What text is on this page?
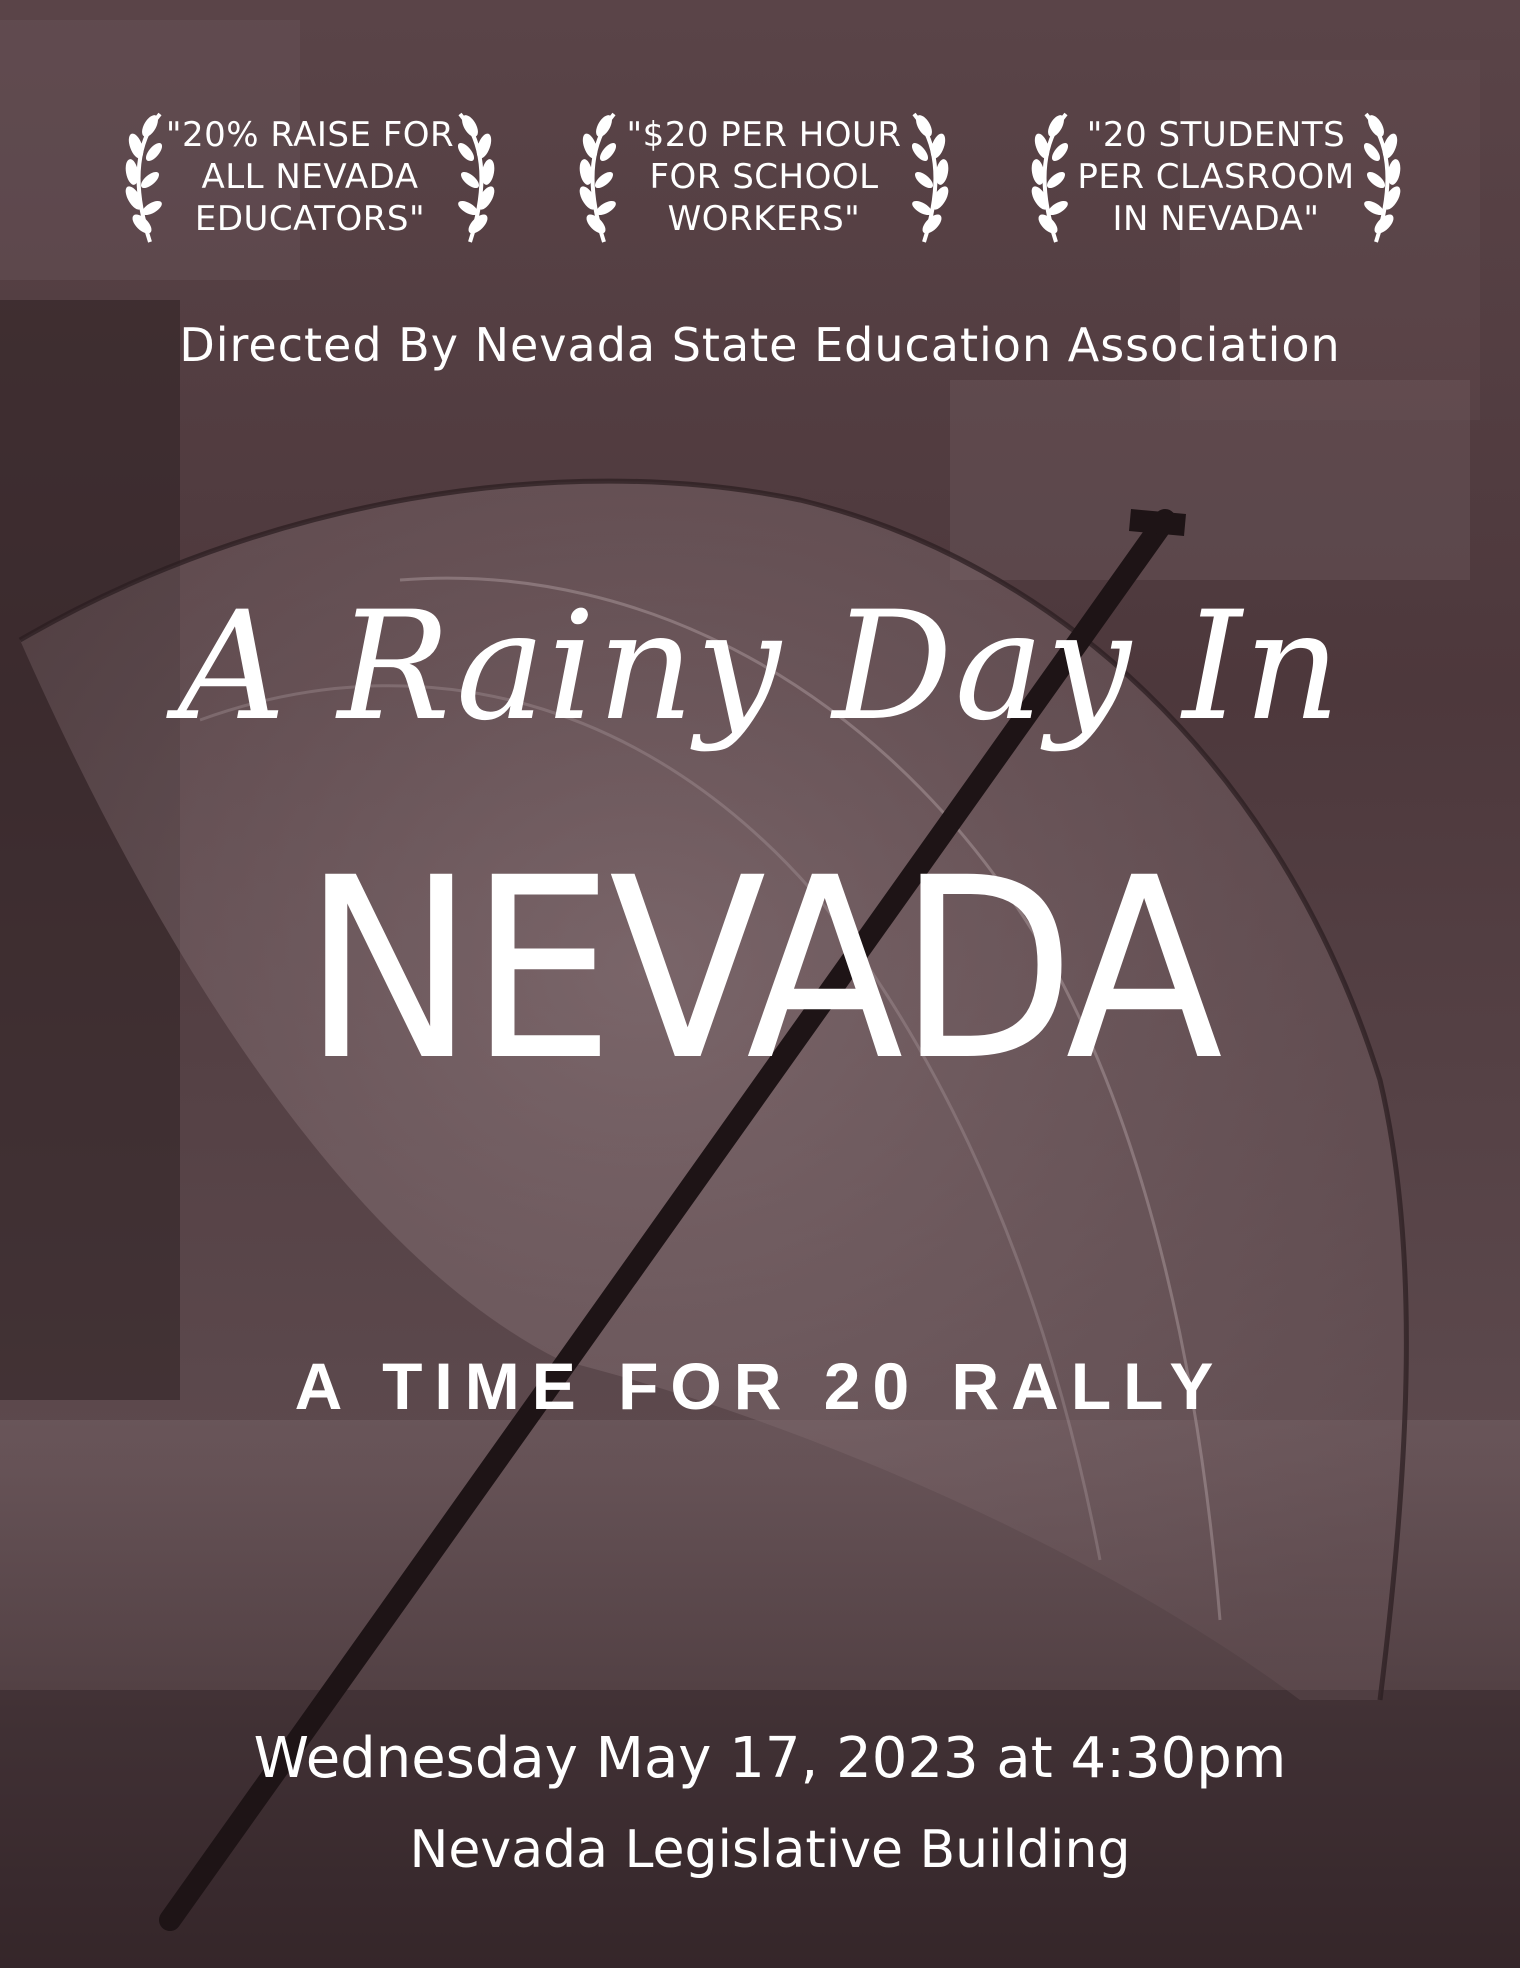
"20% RAISE FOR
ALL NEVADA
EDUCATORS"
"$20 PER HOUR
FOR SCHOOL
WORKERS"
"20 STUDENTS
PER CLASROOM
IN NEVADA"
Directed By Nevada State Education Association
A Rainy Day In
NEVADA
A TIME FOR 20 RALLY
Wednesday May 17, 2023 at 4:30pm
Nevada Legislative Building
